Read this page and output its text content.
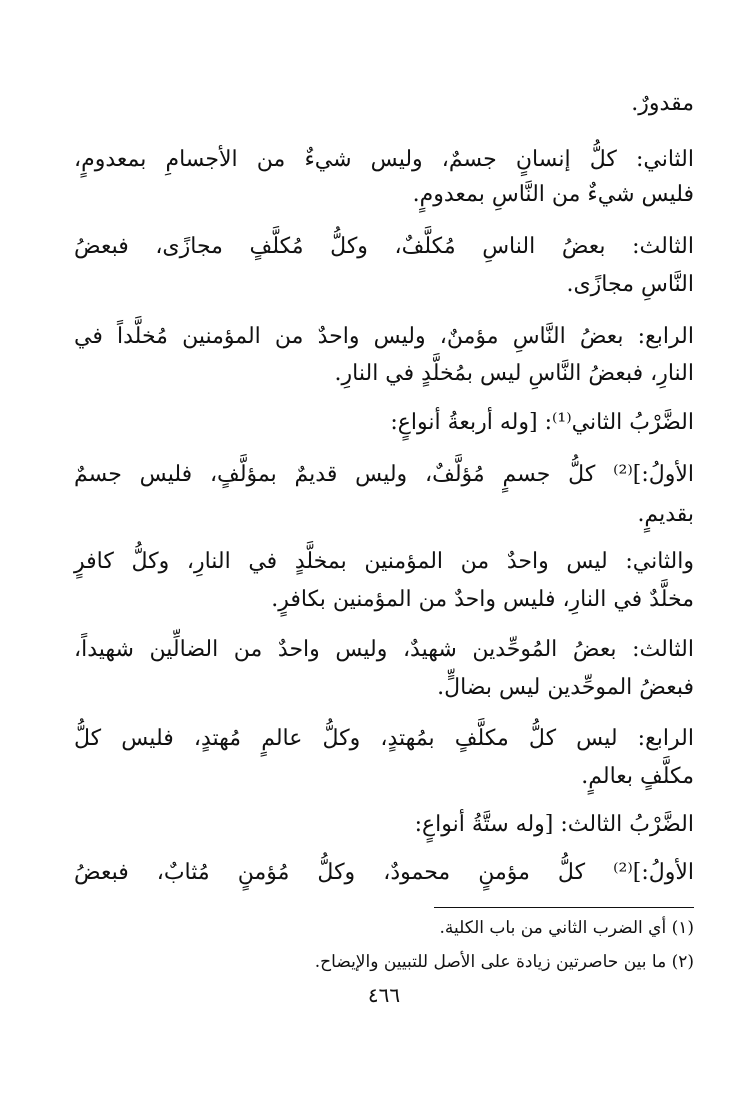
مقدورٌ.
الثاني: كلُّ إنسانٍ جسمٌ، وليس شيءٌ من الأجسامِ بمعدومٍ،
فليس شيءٌ من النَّاسِ بمعدومٍ.
الثالث: بعضُ الناسِ مُكلَّفٌ، وكلُّ مُكلَّفٍ مجازًى، فبعضُ
النَّاسِ مجازًى.
الرابع: بعضُ النَّاسِ مؤمنٌ، وليس واحدٌ من المؤمنين مُخلَّداً في
النارِ، فبعضُ النَّاسِ ليس بمُخلَّدٍ في النارِ.
الضَّرْبُ الثاني⁽¹⁾: [وله أربعةُ أنواعٍ:
الأولُ:]⁽²⁾ كلُّ جسمٍ مُؤلَّفٌ، وليس قديمٌ بمؤلَّفٍ، فليس جسمٌ
بقديمٍ.
والثاني: ليس واحدٌ من المؤمنين بمخلَّدٍ في النارِ، وكلُّ كافرٍ
مخلَّدٌ في النارِ، فليس واحدٌ من المؤمنين بكافرٍ.
الثالث: بعضُ المُوحِّدين شهيدٌ، وليس واحدٌ من الضالِّين شهيداً،
فبعضُ الموحِّدين ليس بضالٍّ.
الرابع: ليس كلُّ مكلَّفٍ بمُهتدٍ، وكلُّ عالمٍ مُهتدٍ، فليس كلُّ
مكلَّفٍ بعالمٍ.
الضَّرْبُ الثالث: [وله ستَّةُ أنواعٍ:
الأولُ:]⁽²⁾ كلُّ مؤمنٍ محمودٌ، وكلُّ مُؤمنٍ مُثابٌ، فبعضُ
(١) أي الضرب الثاني من باب الكلية.
(٢) ما بين حاصرتين زيادة على الأصل للتبيين والإيضاح.
٤٦٦
